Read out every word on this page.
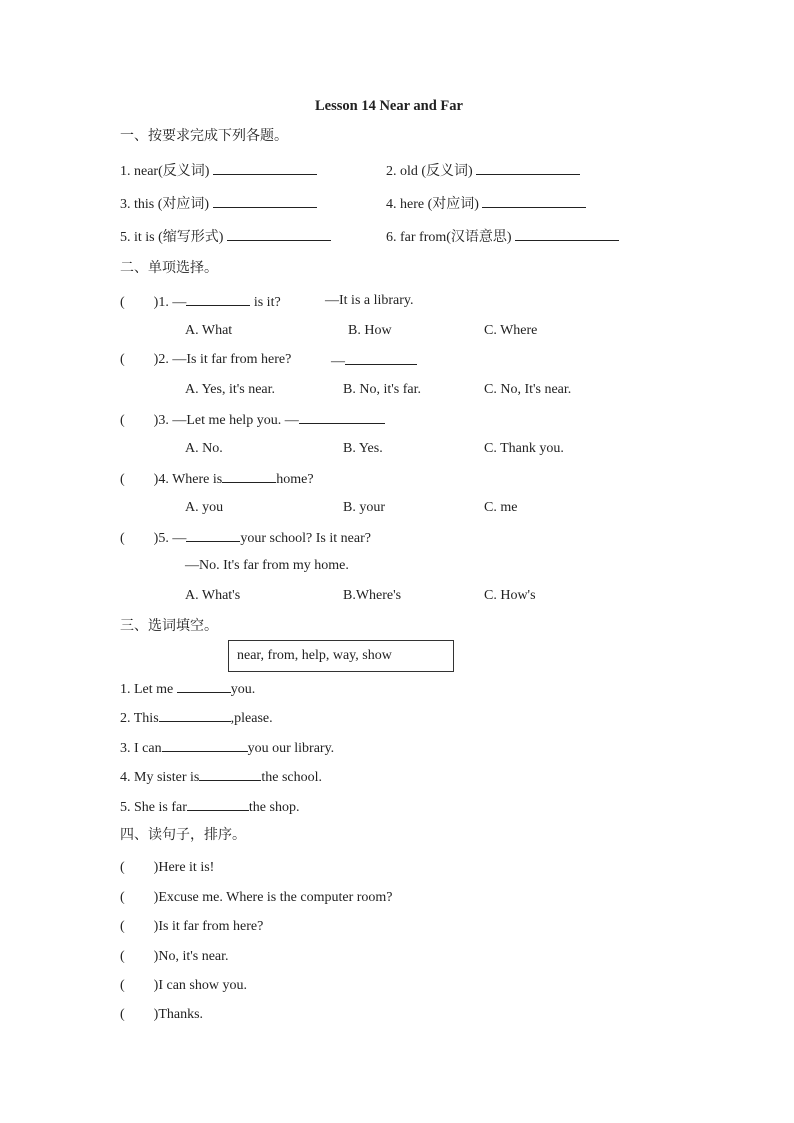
Lesson 14 Near and Far
一、按要求完成下列各题。
1. near(反义词)	2. old (反义词)
3. this (对应词)	4. here (对应词)
5. it is (缩写形式)	6. far from(汉语意思)
二、单项选择。
( )1. —	is it?	—It is a library.
A. What	B. How	C. Where
( )2. —Is it far from here?	—
A. Yes, it's near.	B. No, it's far.	C. No, It's near.
( )3. —Let me help you. —
A. No.	B. Yes.	C. Thank you.
( )4. Where is	home?
A. you	B. your	C. me
( )5. —	your school? Is it near?
—No. It's far from my home.
A. What's	B.Where's	C. How's
三、选词填空。
near, from, help, way, show
1. Let me	you.
2. This	,please.
3. I can	you our library.
4. My sister is	the school.
5. She is far	the shop.
四、读句子，排序。
( )Here it is!
( )Excuse me. Where is the computer room?
( )Is it far from here?
( )No, it's near.
( )I can show you.
( )Thanks.
